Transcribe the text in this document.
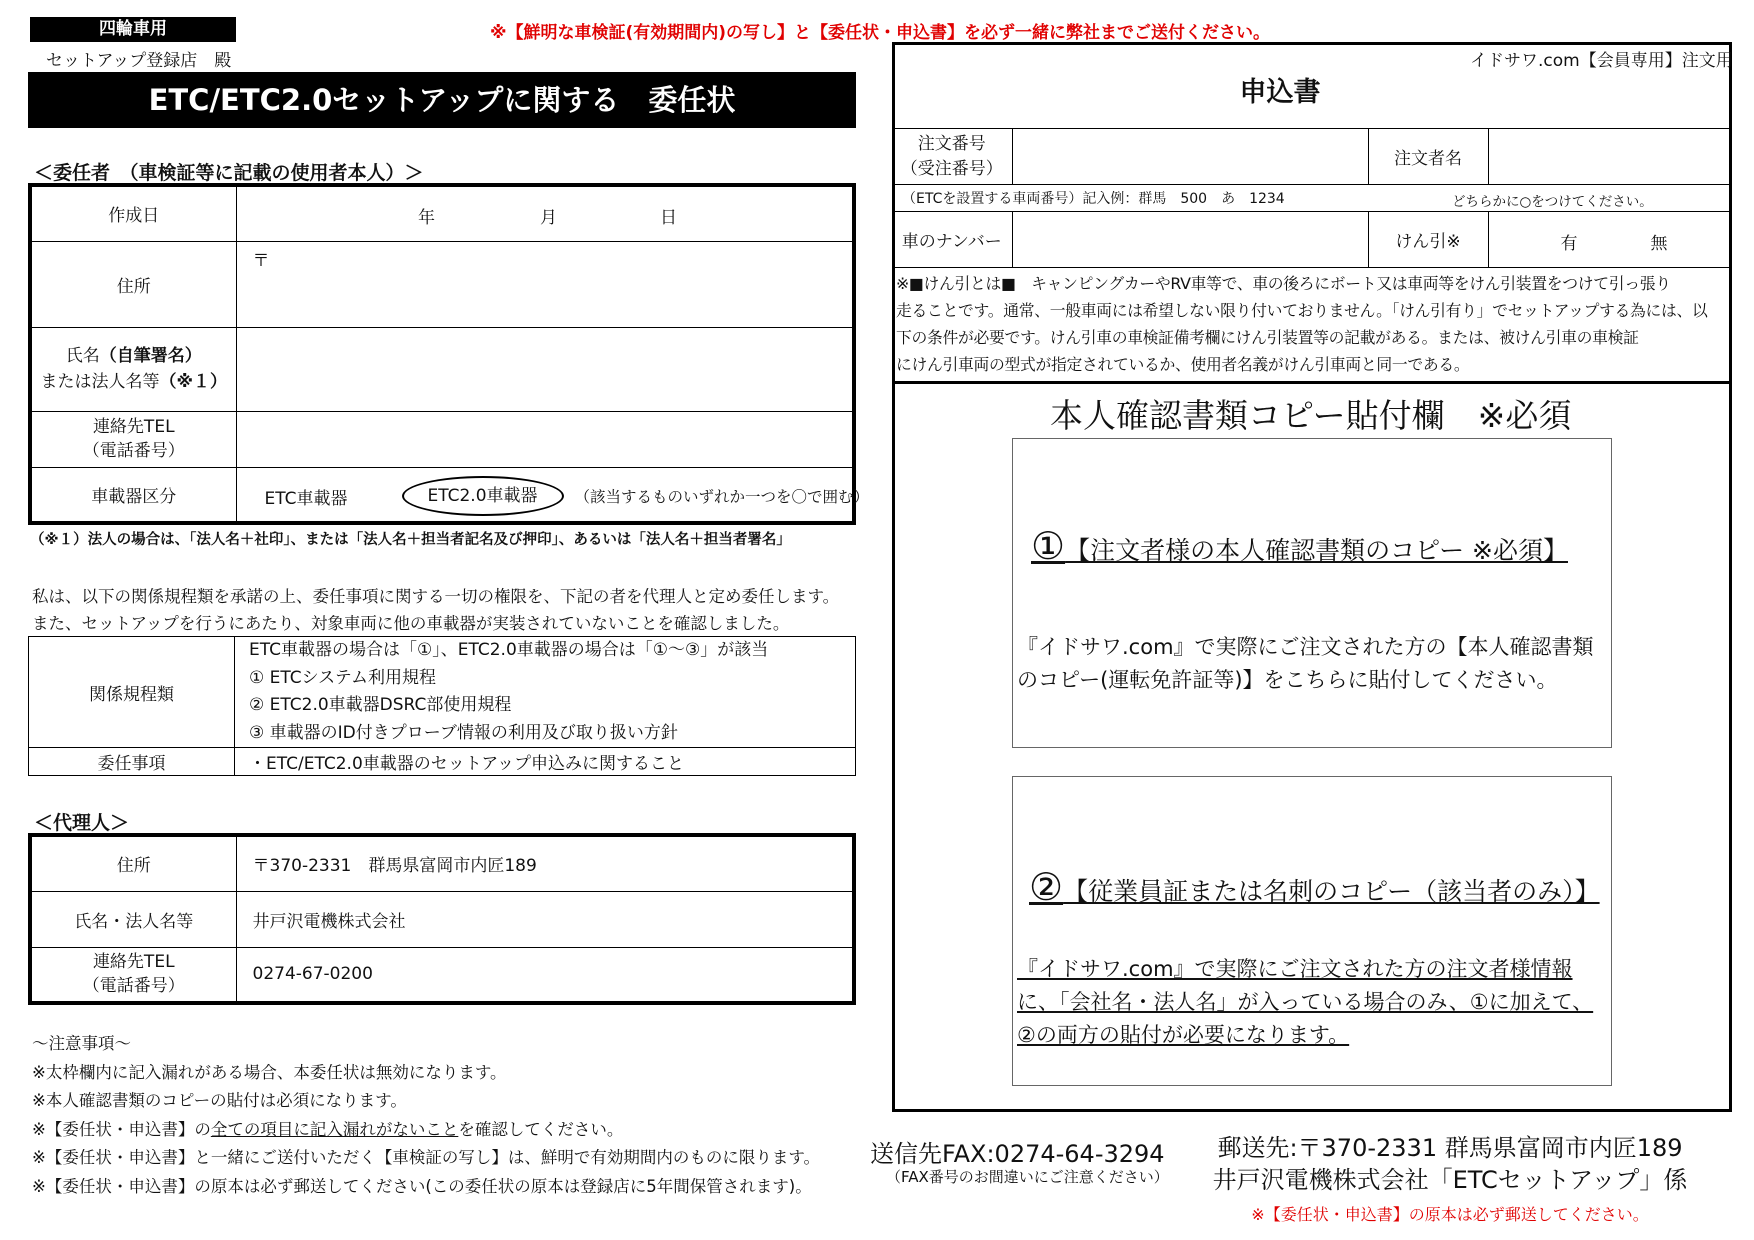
四輪車用	※【鮮明な車検証(有効期間内)の写し】と【委任状・申込書】を必ず一緒に弊社までご送付ください。
セットアップ登録店　殿
ETC/ETC2.0セットアップに関する　委任状
＜委任者　（車検証等に記載の使用者本人）＞
作成日	年 月 日

住所	〒
氏名（自筆署名）
または法人名等（※１）	
連絡先TEL
（電話番号）	
車載器区分	ETC車載器 ETC2.0車載器 （該当するものいずれか一つを〇で囲む）
（※１）法人の場合は、「法人名＋社印」、または「法人名＋担当者記名及び押印」、あるいは「法人名＋担当者署名」
私は、以下の関係規程類を承諾の上、委任事項に関する一切の権限を、下記の者を代理人と定め委任します。
また、セットアップを行うにあたり、対象車両に他の車載器が実装されていないことを確認しました。
関係規程類	ETC車載器の場合は「①」、ETC2.0車載器の場合は「①～③」が該当
① ETCシステム利用規程
② ETC2.0車載器DSRC部使用規程
③ 車載器のID付きプローブ情報の利用及び取り扱い方針

委任事項	・ETC/ETC2.0車載器のセットアップ申込みに関すること
＜代理人＞
住所	〒370-2331　群馬県富岡市内匠189
氏名・法人名等	井戸沢電機株式会社
連絡先TEL
（電話番号）	0274-67-0200
～注意事項～
※太枠欄内に記入漏れがある場合、本委任状は無効になります。
※本人確認書類のコピーの貼付は必須になります。
※【委任状・申込書】の全ての項目に記入漏れがないことを確認してください。
※【委任状・申込書】と一緒にご送付いただく【車検証の写し】は、鮮明で有効期間内のものに限ります。
※【委任状・申込書】の原本は必ず郵送してください(この委任状の原本は登録店に5年間保管されます)。
イドサワ.com【会員専用】注文用
申込書
注文番号
（受注番号）		注文者名	
（ETCを設置する車両番号）記入例：群馬　500　あ　1234 どちらかに○をつけてください。			

車のナンバー		けん引※	有 無
※■けん引とは■　キャンピングカーやRV車等で、車の後ろにボート又は車両等をけん引装置をつけて引っ張り
走ることです。通常、一般車両には希望しない限り付いておりません。「けん引有り」でセットアップする為には、以
下の条件が必要です。けん引車の車検証備考欄にけん引装置等の記載がある。または、被けん引車の車検証
にけん引車両の型式が指定されているか、使用者名義がけん引車両と同一である。
本人確認書類コピー貼付欄　※必須
①【注文者様の本人確認書類のコピー ※必須】
『イドサワ.com』で実際にご注文された方の【本人確認書類
のコピー(運転免許証等)】をこちらに貼付してください。
②【従業員証または名刺のコピー（該当者のみ）】
『イドサワ.com』で実際にご注文された方の注文者様情報
に、「会社名・法人名」が入っている場合のみ、①に加えて、
②の両方の貼付が必要になります。
送信先FAX:0274-64-3294
（FAX番号のお間違いにご注意ください）
郵送先:〒370-2331 群馬県富岡市内匠189
井戸沢電機株式会社「ETCセットアップ」係
※【委任状・申込書】の原本は必ず郵送してください。
